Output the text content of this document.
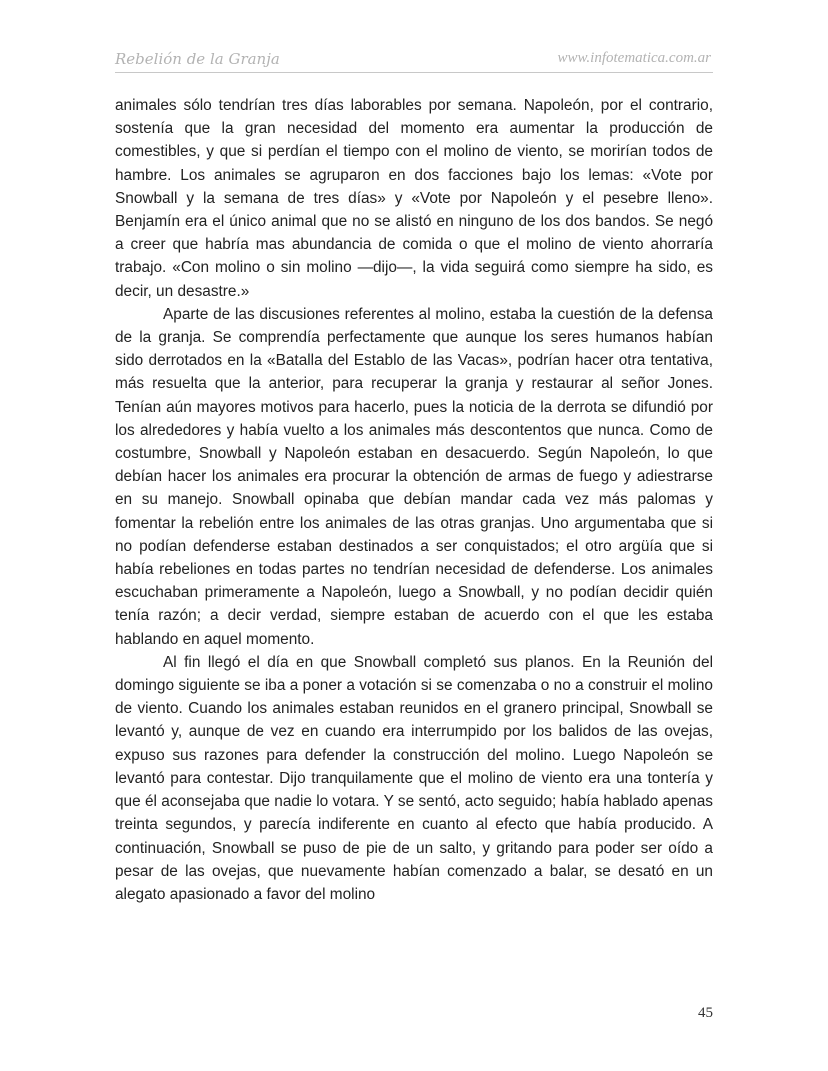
Rebelión de la Granja	www.infotematica.com.ar

animales sólo tendrían tres días laborables por semana. Napoleón, por el contrario, sostenía que la gran necesidad del momento era aumentar la producción de comestibles, y que si perdían el tiempo con el molino de viento, se morirían todos de hambre. Los animales se agruparon en dos facciones bajo los lemas: «Vote por Snowball y la semana de tres días» y «Vote por Napoleón y el pesebre lleno». Benjamín era el único animal que no se alistó en ninguno de los dos bandos. Se negó a creer que habría mas abundancia de comida o que el molino de viento ahorraría trabajo. «Con molino o sin molino —dijo—, la vida seguirá como siempre ha sido, es decir, un desastre.»

Aparte de las discusiones referentes al molino, estaba la cuestión de la defensa de la granja. Se comprendía perfectamente que aunque los seres humanos habían sido derrotados en la «Batalla del Establo de las Vacas», podrían hacer otra tentativa, más resuelta que la anterior, para recuperar la granja y restaurar al señor Jones. Tenían aún mayores motivos para hacerlo, pues la noticia de la derrota se difundió por los alrededores y había vuelto a los animales más descontentos que nunca. Como de costumbre, Snowball y Napoleón estaban en desacuerdo. Según Napoleón, lo que debían hacer los animales era procurar la obtención de armas de fuego y adiestrarse en su manejo. Snowball opinaba que debían mandar cada vez más palomas y fomentar la rebelión entre los animales de las otras granjas. Uno argumentaba que si no podían defenderse estaban destinados a ser conquistados; el otro argüía que si había rebeliones en todas partes no tendrían necesidad de defenderse. Los animales escuchaban primeramente a Napoleón, luego a Snowball, y no podían decidir quién tenía razón; a decir verdad, siempre estaban de acuerdo con el que les estaba hablando en aquel momento.

Al fin llegó el día en que Snowball completó sus planos. En la Reunión del domingo siguiente se iba a poner a votación si se comenzaba o no a construir el molino de viento. Cuando los animales estaban reunidos en el granero principal, Snowball se levantó y, aunque de vez en cuando era interrumpido por los balidos de las ovejas, expuso sus razones para defender la construcción del molino. Luego Napoleón se levantó para contestar. Dijo tranquilamente que el molino de viento era una tontería y que él aconsejaba que nadie lo votara. Y se sentó, acto seguido; había hablado apenas treinta segundos, y parecía indiferente en cuanto al efecto que había producido. A continuación, Snowball se puso de pie de un salto, y gritando para poder ser oído a pesar de las ovejas, que nuevamente habían comenzado a balar, se desató en un alegato apasionado a favor del molino

45
